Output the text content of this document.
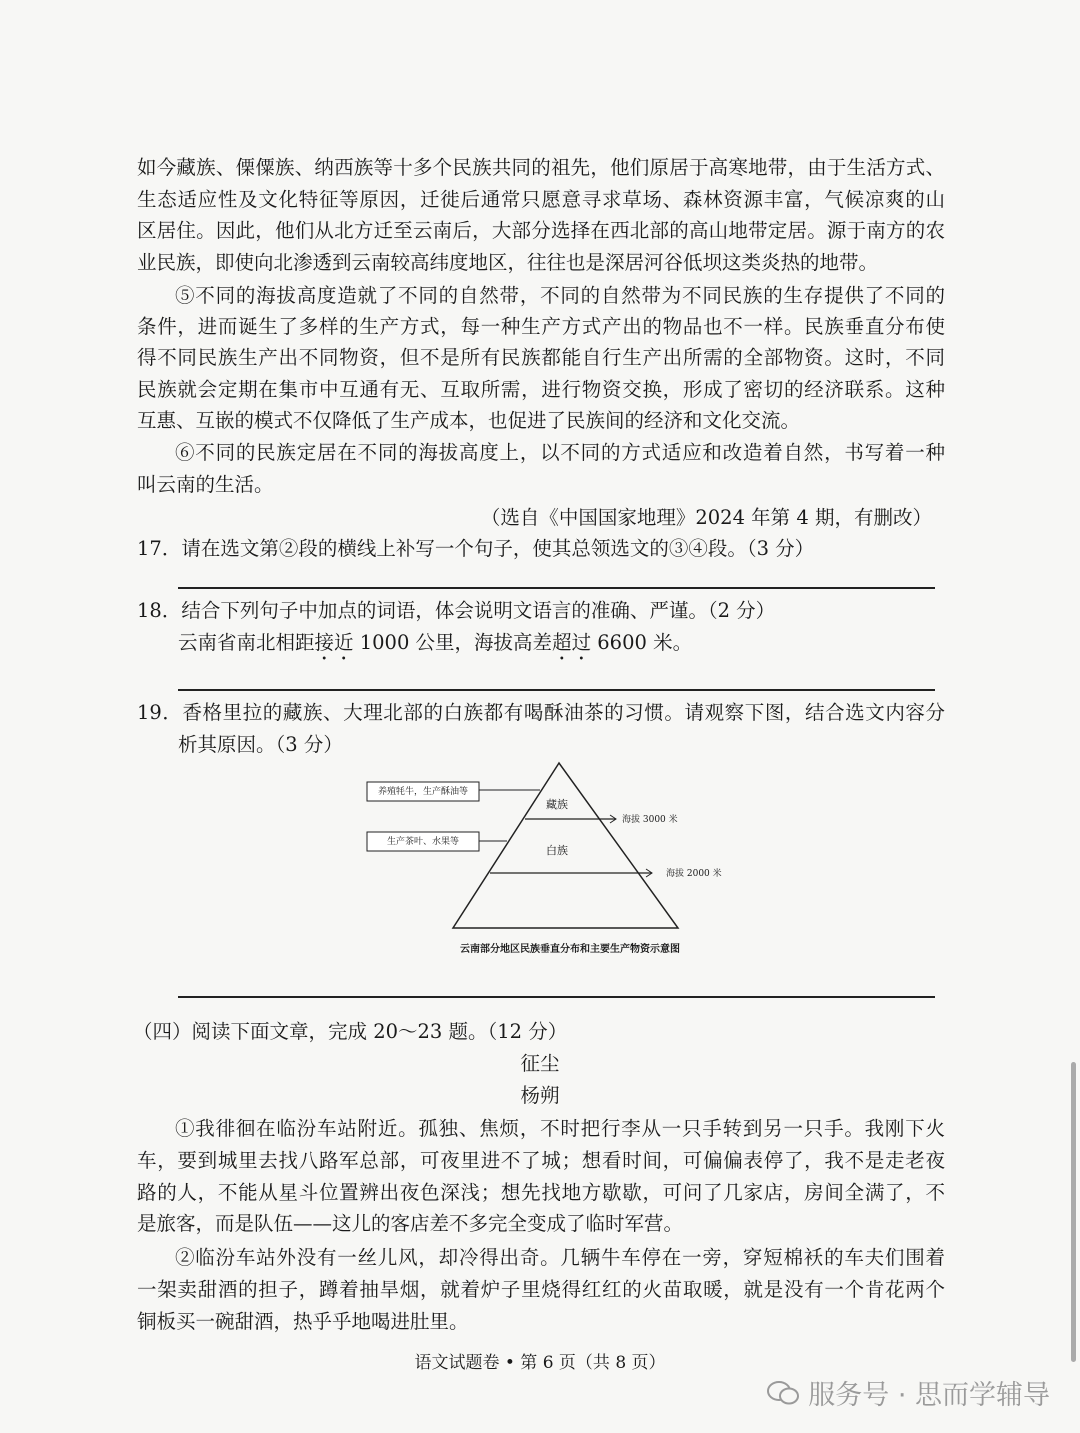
如今藏族、傈僳族、纳西族等十多个民族共同的祖先，他们原居于高寒地带，由于生活方式、
生态适应性及文化特征等原因，迁徙后通常只愿意寻求草场、森林资源丰富，气候凉爽的山
区居住。因此，他们从北方迁至云南后，大部分选择在西北部的高山地带定居。源于南方的农
业民族，即使向北渗透到云南较高纬度地区，往往也是深居河谷低坝这类炎热的地带。
⑤不同的海拔高度造就了不同的自然带，不同的自然带为不同民族的生存提供了不同的
条件，进而诞生了多样的生产方式，每一种生产方式产出的物品也不一样。民族垂直分布使
得不同民族生产出不同物资，但不是所有民族都能自行生产出所需的全部物资。这时，不同
民族就会定期在集市中互通有无、互取所需，进行物资交换，形成了密切的经济联系。这种
互惠、互嵌的模式不仅降低了生产成本，也促进了民族间的经济和文化交流。
⑥不同的民族定居在不同的海拔高度上，以不同的方式适应和改造着自然，书写着一种
叫云南的生活。
（选自《中国国家地理》2024 年第 4 期，有删改）
17．请在选文第②段的横线上补写一个句子，使其总领选文的③④段。（3 分）
18．结合下列句子中加点的词语，体会说明文语言的准确、严谨。（2 分）
云南省南北相距接近 1000 公里，海拔高差超过 6600 米。
19．香格里拉的藏族、大理北部的白族都有喝酥油茶的习惯。请观察下图，结合选文内容分
析其原因。（3 分）
养殖牦牛，生产酥油等
生产茶叶、水果等
藏族
白族
海拔 3000 米
海拔 2000 米
云南部分地区民族垂直分布和主要生产物资示意图
（四）阅读下面文章，完成 20～23 题。（12 分）
征尘
杨朔
①我徘徊在临汾车站附近。孤独、焦烦，不时把行李从一只手转到另一只手。我刚下火
车，要到城里去找八路军总部，可夜里进不了城；想看时间，可偏偏表停了，我不是走老夜
路的人，不能从星斗位置辨出夜色深浅；想先找地方歇歇，可问了几家店，房间全满了，不
是旅客，而是队伍——这儿的客店差不多完全变成了临时军营。
②临汾车站外没有一丝儿风，却冷得出奇。几辆牛车停在一旁，穿短棉袄的车夫们围着
一架卖甜酒的担子，蹲着抽旱烟，就着炉子里烧得红红的火苗取暖，就是没有一个肯花两个
铜板买一碗甜酒，热乎乎地喝进肚里。
语文试题卷 • 第 6 页（共 8 页）
服务号 · 思而学辅导
